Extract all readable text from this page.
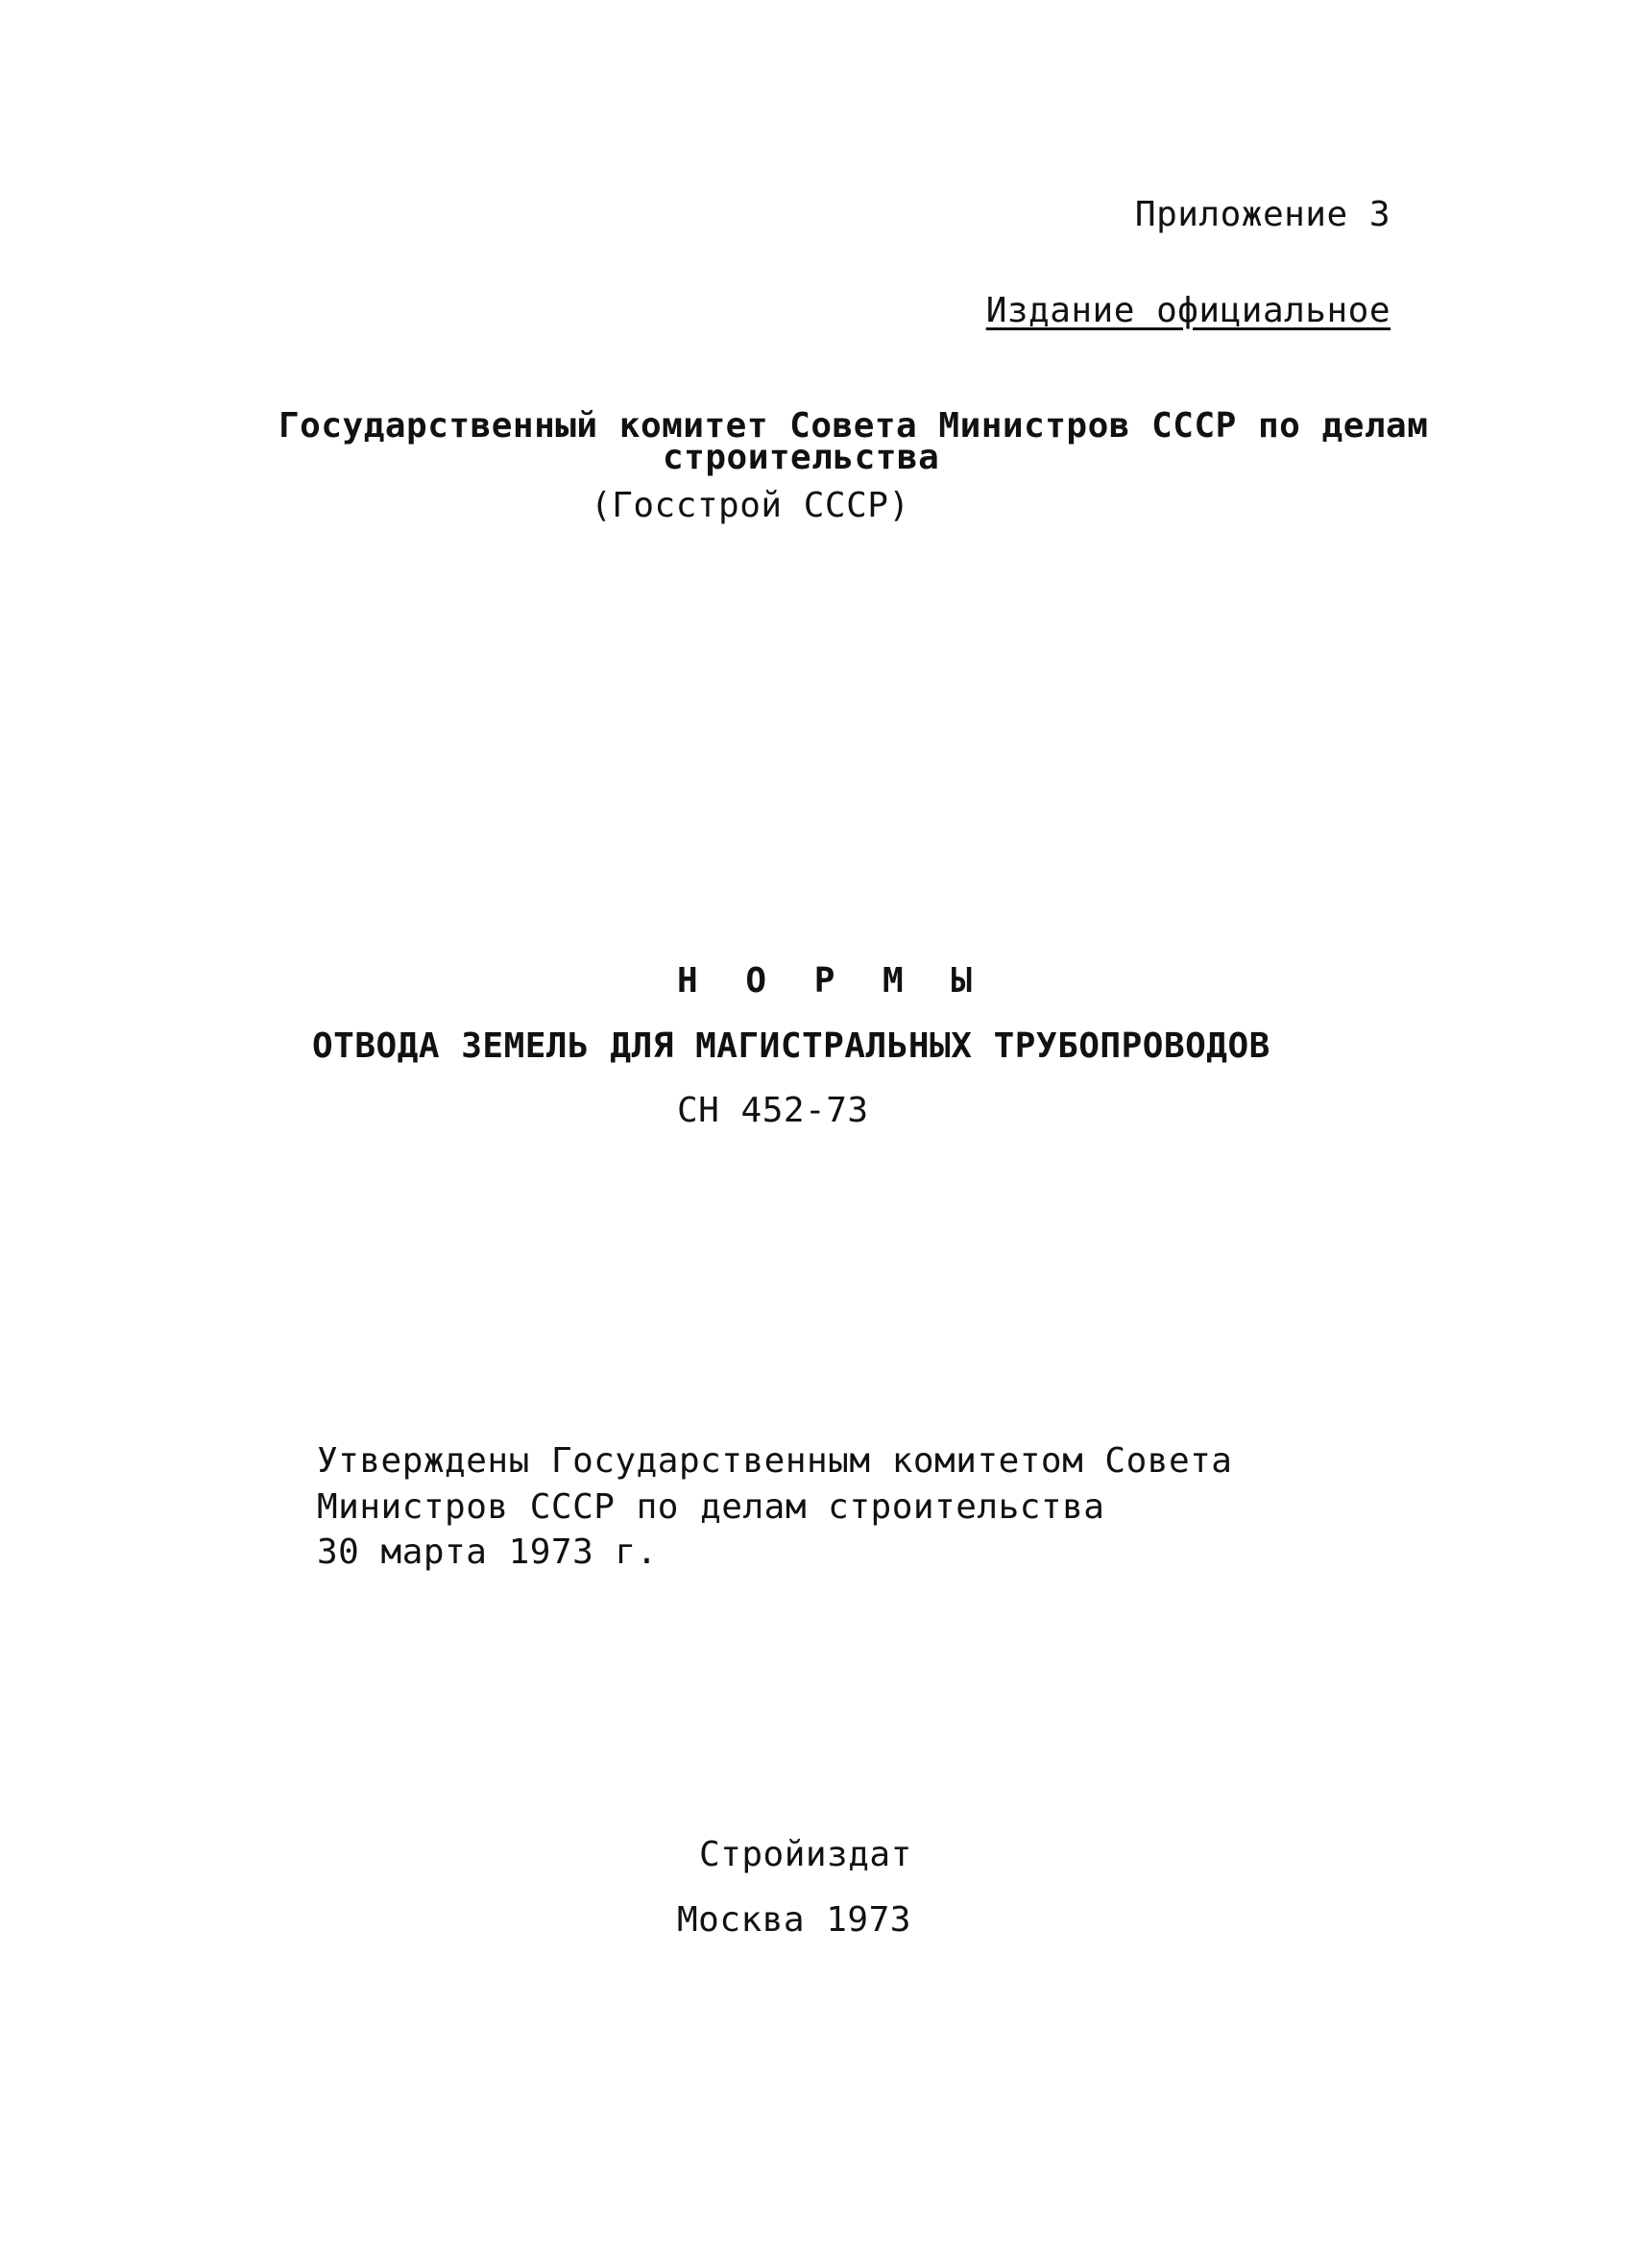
Приложение 3
Издание официальное
Государственный комитет Совета Министров СССР по делам
строительства
(Госстрой СССР)
Н О Р М Ы
ОТВОДА ЗЕМЕЛЬ ДЛЯ МАГИСТРАЛЬНЫХ ТРУБОПРОВОДОВ
СН 452-73
Утверждены Государственным комитетом Совета
Министров СССР по делам строительства
30 марта 1973 г.
Стройиздат
Москва 1973
